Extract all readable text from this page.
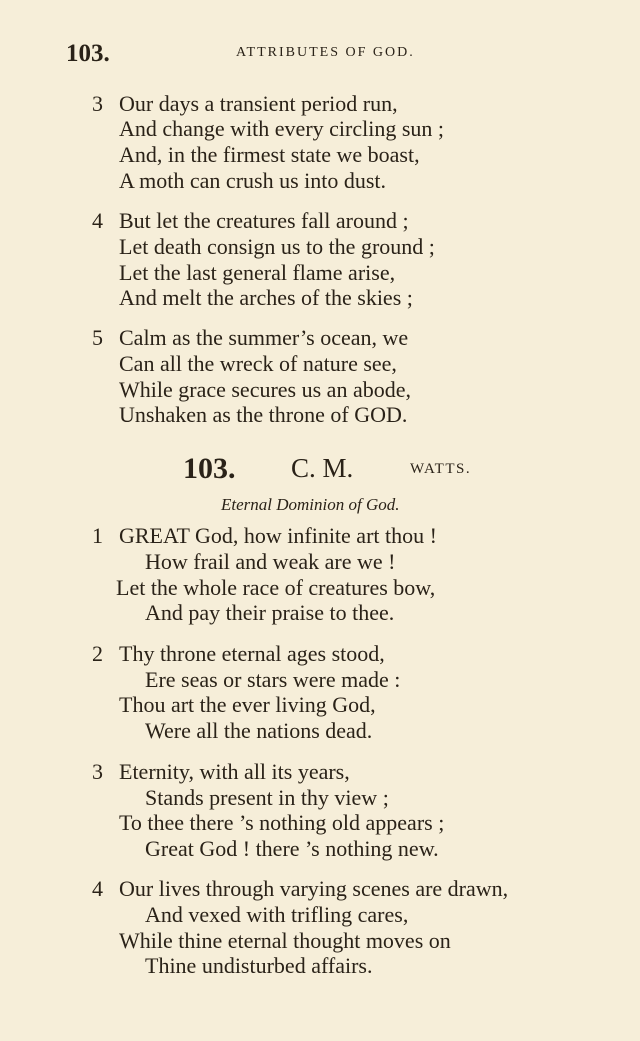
103.	ATTRIBUTES OF GOD.
3 Our days a transient period run,
And change with every circling sun ;
And, in the firmest state we boast,
A moth can crush us into dust.
4 But let the creatures fall around ;
Let death consign us to the ground ;
Let the last general flame arise,
And melt the arches of the skies ;
5 Calm as the summer’s ocean, we
Can all the wreck of nature see,
While grace secures us an abode,
Unshaken as the throne of GOD.
103. C. M.	WATTS.
Eternal Dominion of God.
1 GREAT God, how infinite art thou !
How frail and weak are we !
Let the whole race of creatures bow,
And pay their praise to thee.
2 Thy throne eternal ages stood,
Ere seas or stars were made :
Thou art the ever living God,
Were all the nations dead.
3 Eternity, with all its years,
Stands present in thy view ;
To thee there ’s nothing old appears ;
Great God ! there ’s nothing new.
4 Our lives through varying scenes are drawn,
And vexed with trifling cares,
While thine eternal thought moves on
Thine undisturbed affairs.
